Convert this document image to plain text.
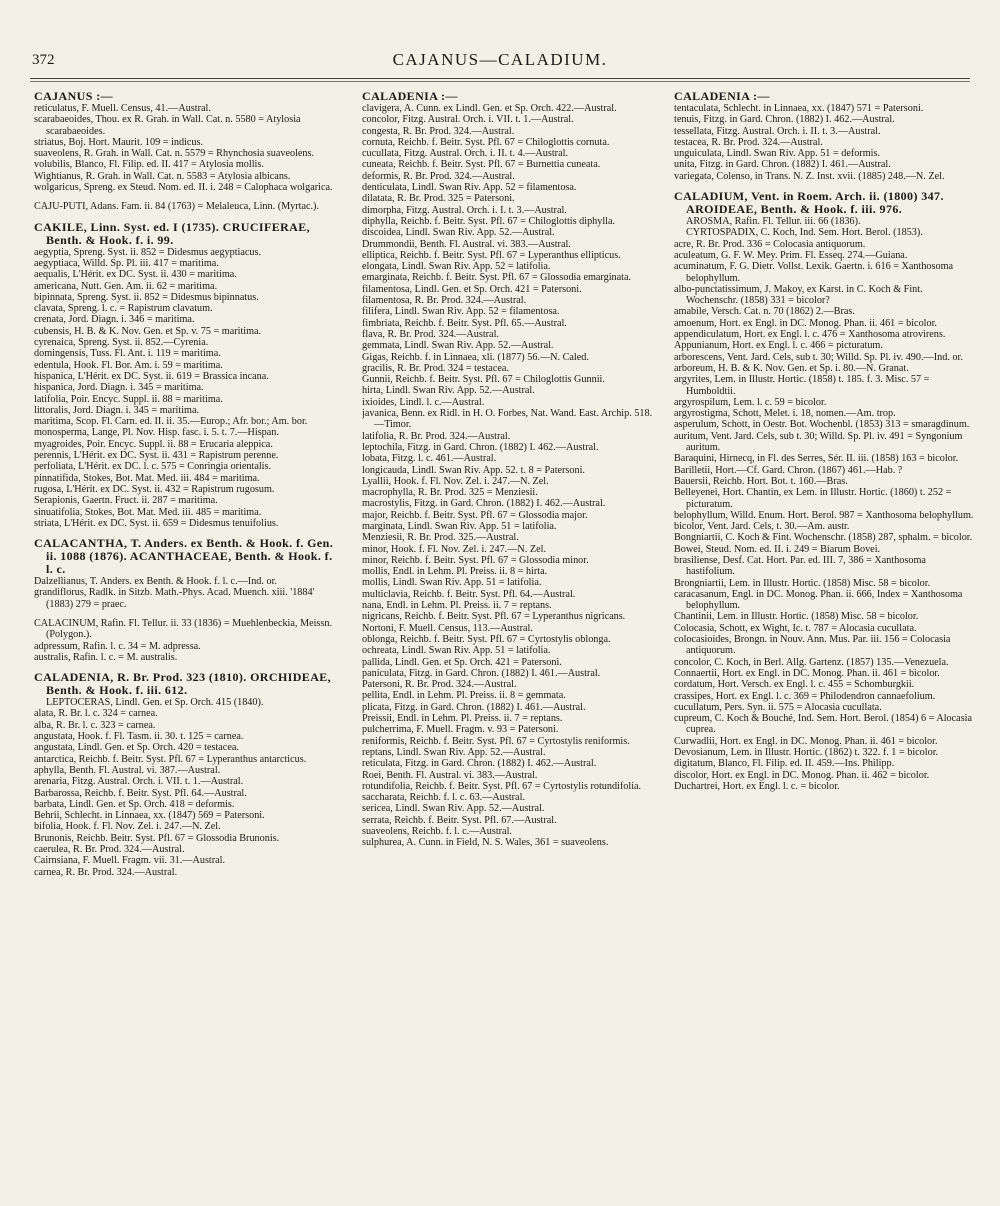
372	CAJANUS—CALADIUM.
CAJANUS :—
reticulatus, F. Muell. Census, 41.—Austral.
scarabaeoides, Thou. ex R. Grah. in Wall. Cat. n. 5580 = Atylosia scarabaeoides.
striatus, Boj. Hort. Maurit. 109 = indicus.
suaveolens, R. Grah. in Wall. Cat. n. 5579 = Rhynchosia suaveolens.
volubilis, Blanco, Fl. Filip. ed. II. 417 = Atylosia mollis.
Wightianus, R. Grah. in Wall. Cat. n. 5583 = Atylosia albicans.
wolgaricus, Spreng. ex Steud. Nom. ed. II. i. 248 = Calophaca wolgarica.
CAJU-PUTI, Adans. Fam. ii. 84 (1763) = Melaleuca, Linn. (Myrtac.).
CAKILE, Linn. Syst. ed. I (1735). CRUCIFERAE, Benth. & Hook. f. i. 99.
aegyptia, Spreng. Syst. ii. 852 = Didesmus aegyptiacus.
aegyptiaca, Willd. Sp. Pl. iii. 417 = maritima.
aequalis, L'Hérit. ex DC. Syst. ii. 430 = maritima.
americana, Nutt. Gen. Am. ii. 62 = maritima.
bipinnata, Spreng. Syst. ii. 852 = Didesmus bipinnatus.
clavata, Spreng. l. c. = Rapistrum clavatum.
crenata, Jord. Diagn. i. 346 = maritima.
cubensis, H. B. & K. Nov. Gen. et Sp. v. 75 = maritima.
cyrenaica, Spreng. Syst. ii. 852.—Cyrenia.
domingensis, Tuss. Fl. Ant. i. 119 = maritima.
edentula, Hook. Fl. Bor. Am. i. 59 = maritima.
hispanica, L'Hérit. ex DC. Syst. ii. 619 = Brassica incana.
hispanica, Jord. Diagn. i. 345 = maritima.
latifolia, Poir. Encyc. Suppl. ii. 88 = maritima.
littoralis, Jord. Diagn. i. 345 = maritima.
maritima, Scop. Fl. Carn. ed. II. ii. 35.—Europ.; Afr. bor.; Am. bor.
monosperma, Lange, Pl. Nov. Hisp. fasc. i. 5. t. 7.—Hispan.
myagroides, Poir. Encyc. Suppl. ii. 88 = Erucaria aleppica.
perennis, L'Hérit. ex DC. Syst. ii. 431 = Rapistrum perenne.
perfoliata, L'Hérit. ex DC. l. c. 575 = Conringia orientalis.
pinnatifida, Stokes, Bot. Mat. Med. iii. 484 = maritima.
rugosa, L'Hérit. ex DC. Syst. ii. 432 = Rapistrum rugosum.
Serapionis, Gaertn. Fruct. ii. 287 = maritima.
sinuatifolia, Stokes, Bot. Mat. Med. iii. 485 = maritima.
striata, L'Hérit. ex DC. Syst. ii. 659 = Didesmus tenuifolius.
CALACANTHA, T. Anders. ex Benth. & Hook. f. Gen. ii. 1088 (1876). ACANTHACEAE, Benth. & Hook. f. l. c.
Dalzellianus, T. Anders. ex Benth. & Hook. f. l. c.—Ind. or.
grandiflorus, Radlk. in Sitzb. Math.-Phys. Acad. Muench. xiii. '1884' (1883) 279 = praec.
CALACINUM, Rafin. Fl. Tellur. ii. 33 (1836) = Muehlenbeckia, Meissn. (Polygon.).
adpressum, Rafin. l. c. 34 = M. adpressa.
australis, Rafin. l. c. = M. australis.
CALADENIA, R. Br. Prod. 323 (1810). ORCHIDEAE, Benth. & Hook. f. iii. 612.
LEPTOCERAS, Lindl. Gen. et Sp. Orch. 415 (1840).
alata, R. Br. l. c. 324 = carnea.
alba, R. Br. l. c. 323 = carnea.
angustata, Hook. f. Fl. Tasm. ii. 30. t. 125 = carnea.
angustata, Lindl. Gen. et Sp. Orch. 420 = testacea.
antarctica, Reichb. f. Beitr. Syst. Pfl. 67 = Lyperanthus antarcticus.
aphylla, Benth. Fl. Austral. vi. 387.—Austral.
arenaria, Fitzg. Austral. Orch. i. VII. t. 1.—Austral.
Barbarossa, Reichb. f. Beitr. Syst. Pfl. 64.—Austral.
barbata, Lindl. Gen. et Sp. Orch. 418 = deformis.
Behrii, Schlecht. in Linnaea, xx. (1847) 569 = Patersoni.
bifolia, Hook. f. Fl. Nov. Zel. i. 247.—N. Zel.
Brunonis, Reichb. Beitr. Syst. Pfl. 67 = Glossodia Brunonis.
caerulea, R. Br. Prod. 324.—Austral.
Cairnsiana, F. Muell. Fragm. vii. 31.—Austral.
carnea, R. Br. Prod. 324.—Austral.
CALADENIA :—
clavigera, A. Cunn. ex Lindl. Gen. et Sp. Orch. 422.—Austral.
concolor, Fitzg. Austral. Orch. i. VII. t. 1.—Austral.
congesta, R. Br. Prod. 324.—Austral.
cornuta, Reichb. f. Beitr. Syst. Pfl. 67 = Chiloglottis cornuta.
cucullata, Fitzg. Austral. Orch. i. II. t. 4.—Austral.
cuneata, Reichb. f. Beitr. Syst. Pfl. 67 = Burnettia cuneata.
deformis, R. Br. Prod. 324.—Austral.
denticulata, Lindl. Swan Riv. App. 52 = filamentosa.
dilatata, R. Br. Prod. 325 = Patersoni.
dimorpha, Fitzg. Austral. Orch. i. I. t. 3.—Austral.
diphylla, Reichb. f. Beitr. Syst. Pfl. 67 = Chiloglottis diphylla.
discoidea, Lindl. Swan Riv. App. 52.—Austral.
Drummondii, Benth. Fl. Austral. vi. 383.—Austral.
elliptica, Reichb. f. Beitr. Syst. Pfl. 67 = Lyperanthus ellipticus.
elongata, Lindl. Swan Riv. App. 52 = latifolia.
emarginata, Reichb. f. Beitr. Syst. Pfl. 67 = Glossodia emarginata.
filamentosa, Lindl. Gen. et Sp. Orch. 421 = Patersoni.
filamentosa, R. Br. Prod. 324.—Austral.
filifera, Lindl. Swan Riv. App. 52 = filamentosa.
fimbriata, Reichb. f. Beitr. Syst. Pfl. 65.—Austral.
flava, R. Br. Prod. 324.—Austral.
gemmata, Lindl. Swan Riv. App. 52.—Austral.
Gigas, Reichb. f. in Linnaea, xli. (1877) 56.—N. Caled.
gracilis, R. Br. Prod. 324 = testacea.
Gunnii, Reichb. f. Beitr. Syst. Pfl. 67 = Chiloglottis Gunnii.
hirta, Lindl. Swan Riv. App. 52.—Austral.
ixioides, Lindl. l. c.—Austral.
javanica, Benn. ex Ridl. in H. O. Forbes, Nat. Wand. East. Archip. 518.—Timor.
latifolia, R. Br. Prod. 324.—Austral.
leptochila, Fitzg. in Gard. Chron. (1882) I. 462.—Austral.
lobata, Fitzg. l. c. 461.—Austral.
longicauda, Lindl. Swan Riv. App. 52. t. 8 = Patersoni.
Lyallii, Hook. f. Fl. Nov. Zel. i. 247.—N. Zel.
macrophylla, R. Br. Prod. 325 = Menziesii.
macrostylis, Fitzg. in Gard. Chron. (1882) I. 462.—Austral.
major, Reichb. f. Beitr. Syst. Pfl. 67 = Glossodia major.
marginata, Lindl. Swan Riv. App. 51 = latifolia.
Menziesii, R. Br. Prod. 325.—Austral.
minor, Hook. f. Fl. Nov. Zel. i. 247.—N. Zel.
minor, Reichb. f. Beitr. Syst. Pfl. 67 = Glossodia minor.
mollis, Endl. in Lehm. Pl. Preiss. ii. 8 = hirta.
mollis, Lindl. Swan Riv. App. 51 = latifolia.
multiclavia, Reichb. f. Beitr. Syst. Pfl. 64.—Austral.
nana, Endl. in Lehm. Pl. Preiss. ii. 7 = reptans.
nigricans, Reichb. f. Beitr. Syst. Pfl. 67 = Lyperanthus nigricans.
Nortoni, F. Muell. Census, 113.—Austral.
oblonga, Reichb. f. Beitr. Syst. Pfl. 67 = Cyrtostylis oblonga.
ochreata, Lindl. Swan Riv. App. 51 = latifolia.
pallida, Lindl. Gen. et Sp. Orch. 421 = Patersoni.
paniculata, Fitzg. in Gard. Chron. (1882) I. 461.—Austral.
Patersoni, R. Br. Prod. 324.—Austral.
pellita, Endl. in Lehm. Pl. Preiss. ii. 8 = gemmata.
plicata, Fitzg. in Gard. Chron. (1882) I. 461.—Austral.
Preissii, Endl. in Lehm. Pl. Preiss. ii. 7 = reptans.
pulcherrima, F. Muell. Fragm. v. 93 = Patersoni.
reniformis, Reichb. f. Beitr. Syst. Pfl. 67 = Cyrtostylis reniformis.
reptans, Lindl. Swan Riv. App. 52.—Austral.
reticulata, Fitzg. in Gard. Chron. (1882) I. 462.—Austral.
Roei, Benth. Fl. Austral. vi. 383.—Austral.
rotundifolia, Reichb. f. Beitr. Syst. Pfl. 67 = Cyrtostylis rotundifolia.
saccharata, Reichb. f. l. c. 63.—Austral.
sericea, Lindl. Swan Riv. App. 52.—Austral.
serrata, Reichb. f. Beitr. Syst. Pfl. 67.—Austral.
suaveolens, Reichb. f. l. c.—Austral.
sulphurea, A. Cunn. in Field, N. S. Wales, 361 = suaveolens.
CALADENIA :—
tentaculata, Schlecht. in Linnaea, xx. (1847) 571 = Patersoni.
tenuis, Fitzg. in Gard. Chron. (1882) I. 462.—Austral.
tessellata, Fitzg. Austral. Orch. i. II. t. 3.—Austral.
testacea, R. Br. Prod. 324.—Austral.
unguiculata, Lindl. Swan Riv. App. 51 = deformis.
unita, Fitzg. in Gard. Chron. (1882) I. 461.—Austral.
variegata, Colenso, in Trans. N. Z. Inst. xvii. (1885) 248.—N. Zel.
CALADIUM, Vent. in Roem. Arch. ii. (1800) 347. AROIDEAE, Benth. & Hook. f. iii. 976.
AROSMA, Rafin. Fl. Tellur. iii. 66 (1836).
CYRTOSPADIX, C. Koch, Ind. Sem. Hort. Berol. (1853).
acre, R. Br. Prod. 336 = Colocasia antiquorum.
aculeatum, G. F. W. Mey. Prim. Fl. Esseq. 274.—Guiana.
acuminatum, F. G. Dietr. Vollst. Lexik. Gaertn. i. 616 = Xanthosoma belophyllum.
albo-punctatissimum, J. Makoy, ex Karst. in C. Koch & Fint. Wochenschr. (1858) 331 = bicolor?
amabile, Versch. Cat. n. 70 (1862) 2.—Bras.
amoenum, Hort. ex Engl. in DC. Monog. Phan. ii. 461 = bicolor.
appendiculatum, Hort. ex Engl. l. c. 476 = Xanthosoma atrovirens.
Appunianum, Hort. ex Engl. l. c. 466 = picturatum.
arborescens, Vent. Jard. Cels, sub t. 30; Willd. Sp. Pl. iv. 490.—Ind. or.
arboreum, H. B. & K. Nov. Gen. et Sp. i. 80.—N. Granat.
argyrites, Lem. in Illustr. Hortic. (1858) t. 185. f. 3. Misc. 57 = Humboldtii.
argyrospilum, Lem. l. c. 59 = bicolor.
argyrostigma, Schott, Melet. i. 18, nomen.—Am. trop.
asperulum, Schott, in Oestr. Bot. Wochenbl. (1853) 313 = smaragdinum.
auritum, Vent. Jard. Cels, sub t. 30; Willd. Sp. Pl. iv. 491 = Syngonium auritum.
Baraquini, Hirnecq, in Fl. des Serres, Sér. II. iii. (1858) 163 = bicolor.
Barilletii, Hort.—Cf. Gard. Chron. (1867) 461.—Hab. ?
Bauersii, Reichb. Hort. Bot. t. 160.—Bras.
Belleyenei, Hort. Chantin, ex Lem. in Illustr. Hortic. (1860) t. 252 = picturatum.
belophyllum, Willd. Enum. Hort. Berol. 987 = Xanthosoma belophyllum.
bicolor, Vent. Jard. Cels, t. 30.—Am. austr.
Bongniartii, C. Koch & Fint. Wochenschr. (1858) 287, sphalm. = bicolor.
Bowei, Steud. Nom. ed. II. i. 249 = Biarum Bovei.
brasiliense, Desf. Cat. Hort. Par. ed. III. 7, 386 = Xanthosoma hastifolium.
Brongniartii, Lem. in Illustr. Hortic. (1858) Misc. 58 = bicolor.
caracasanum, Engl. in DC. Monog. Phan. ii. 666, Index = Xanthosoma belophyllum.
Chantinii, Lem. in Illustr. Hortic. (1858) Misc. 58 = bicolor.
Colocasia, Schott, ex Wight, Ic. t. 787 = Alocasia cucullata.
colocasioides, Brongn. in Nouv. Ann. Mus. Par. iii. 156 = Colocasia antiquorum.
concolor, C. Koch, in Berl. Allg. Gartenz. (1857) 135.—Venezuela.
Connaertii, Hort. ex Engl. in DC. Monog. Phan. ii. 461 = bicolor.
cordatum, Hort. Versch. ex Engl. l. c. 455 = Schomburgkii.
crassipes, Hort. ex Engl. l. c. 369 = Philodendron cannaefolium.
cucullatum, Pers. Syn. ii. 575 = Alocasia cucullata.
cupreum, C. Koch & Bouché, Ind. Sem. Hort. Berol. (1854) 6 = Alocasia cuprea.
Curwadlii, Hort. ex Engl. in DC. Monog. Phan. ii. 461 = bicolor.
Devosianum, Lem. in Illustr. Hortic. (1862) t. 322. f. 1 = bicolor.
digitatum, Blanco, Fl. Filip. ed. II. 459.—Ins. Philipp.
discolor, Hort. ex Engl. in DC. Monog. Phan. ii. 462 = bicolor.
Duchartrei, Hort. ex Engl. l. c. = bicolor.
